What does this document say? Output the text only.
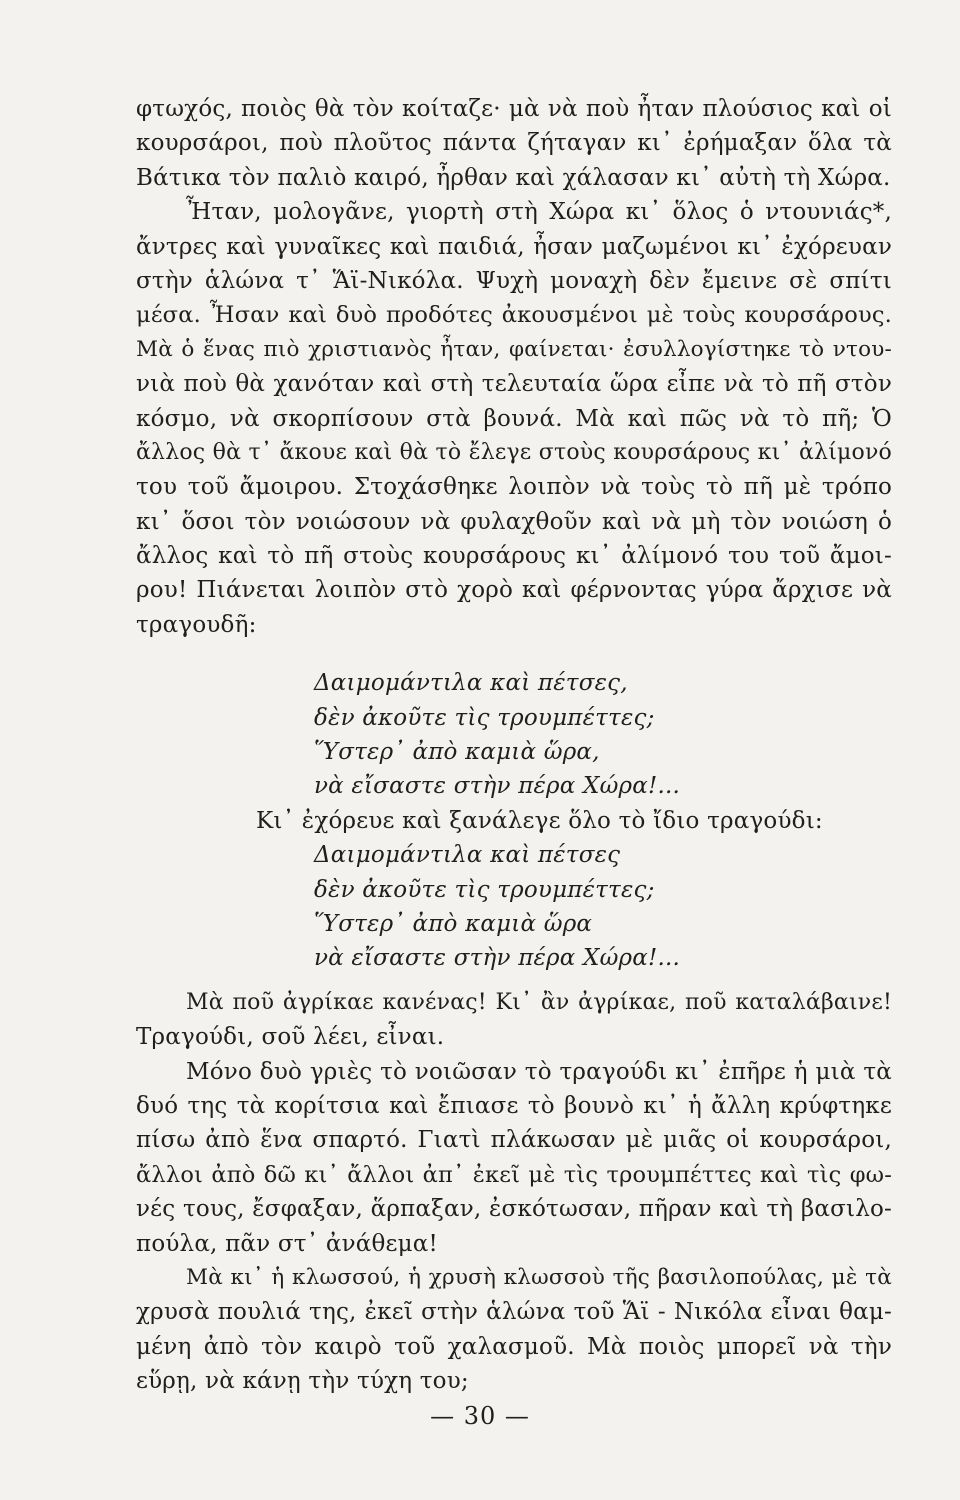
φτωχός, ποιὸς θὰ τὸν κοίταζε· μὰ νὰ ποὺ ἦταν πλούσιος καὶ οἱ
κουρσάροι, ποὺ πλοῦτος πάντα ζήταγαν κι᾿ ἐρήμαξαν ὅλα τὰ
Βάτικα τὸν παλιὸ καιρό, ἦρθαν καὶ χάλασαν κι᾿ αὐτὴ τὴ Χώρα.
Ἦταν, μολογᾶνε, γιορτὴ στὴ Χώρα κι᾿ ὅλος ὁ ντουνιάς*,
ἄντρες καὶ γυναῖκες καὶ παιδιά, ἦσαν μαζωμένοι κι᾿ ἐχόρευαν
στὴν ἁλώνα τ᾿ Ἅϊ-Νικόλα. Ψυχὴ μοναχὴ δὲν ἔμεινε σὲ σπίτι
μέσα. Ἦσαν καὶ δυὸ προδότες ἀκουσμένοι μὲ τοὺς κουρσάρους.
Μὰ ὁ ἕνας πιὸ χριστιανὸς ἦταν, φαίνεται· ἐσυλλογίστηκε τὸ ντου-
νιὰ ποὺ θὰ χανόταν καὶ στὴ τελευταία ὥρα εἶπε νὰ τὸ πῆ στὸν
κόσμο, νὰ σκορπίσουν στὰ βουνά. Μὰ καὶ πῶς νὰ τὸ πῆ; Ὁ
ἄλλος θὰ τ᾿ ἄκουε καὶ θὰ τὸ ἔλεγε στοὺς κουρσάρους κι᾿ ἀλίμονό
του τοῦ ἄμοιρου. Στοχάσθηκε λοιπὸν νὰ τοὺς τὸ πῆ μὲ τρόπο
κι᾿ ὅσοι τὸν νοιώσουν νὰ φυλαχθοῦν καὶ νὰ μὴ τὸν νοιώση ὁ
ἄλλος καὶ τὸ πῆ στοὺς κουρσάρους κι᾿ ἀλίμονό του τοῦ ἄμοι-
ρου! Πιάνεται λοιπὸν στὸ χορὸ καὶ φέρνοντας γύρα ἄρχισε νὰ
τραγουδῆ:
Δαιμομάντιλα καὶ πέτσες,
δὲν ἀκοῦτε τὶς τρουμπέττες;
Ὕστερ᾿ ἀπὸ καμιὰ ὥρα,
νὰ εἴσαστε στὴν πέρα Χώρα!...
Κι᾿ ἐχόρευε καὶ ξανάλεγε ὅλο τὸ ἴδιο τραγούδι:
Δαιμομάντιλα καὶ πέτσες
δὲν ἀκοῦτε τὶς τρουμπέττες;
Ὕστερ᾿ ἀπὸ καμιὰ ὥρα
νὰ εἴσαστε στὴν πέρα Χώρα!...
Μὰ ποῦ ἀγρίκαε κανένας! Κι᾿ ἂν ἀγρίκαε, ποῦ καταλάβαινε!
Τραγούδι, σοῦ λέει, εἶναι.
Μόνο δυὸ γριὲς τὸ νοιῶσαν τὸ τραγούδι κι᾿ ἐπῆρε ἡ μιὰ τὰ
δυό της τὰ κορίτσια καὶ ἔπιασε τὸ βουνὸ κι᾿ ἡ ἄλλη κρύφτηκε
πίσω ἀπὸ ἕνα σπαρτό. Γιατὶ πλάκωσαν μὲ μιᾶς οἱ κουρσάροι,
ἄλλοι ἀπὸ δῶ κι᾿ ἄλλοι ἀπ᾿ ἐκεῖ μὲ τὶς τρουμπέττες καὶ τὶς φω-
νές τους, ἔσφαξαν, ἅρπαξαν, ἐσκότωσαν, πῆραν καὶ τὴ βασιλο-
πούλα, πᾶν στ᾿ ἀνάθεμα!
Μὰ κι᾿ ἡ κλωσσού, ἡ χρυσὴ κλωσσοὺ τῆς βασιλοπούλας, μὲ τὰ
χρυσὰ πουλιά της, ἐκεῖ στὴν ἁλώνα τοῦ Ἅϊ - Νικόλα εἶναι θαμ-
μένη ἀπὸ τὸν καιρὸ τοῦ χαλασμοῦ. Μὰ ποιὸς μπορεῖ νὰ τὴν
εὕρῃ, νὰ κάνῃ τὴν τύχη του;
— 30 —
